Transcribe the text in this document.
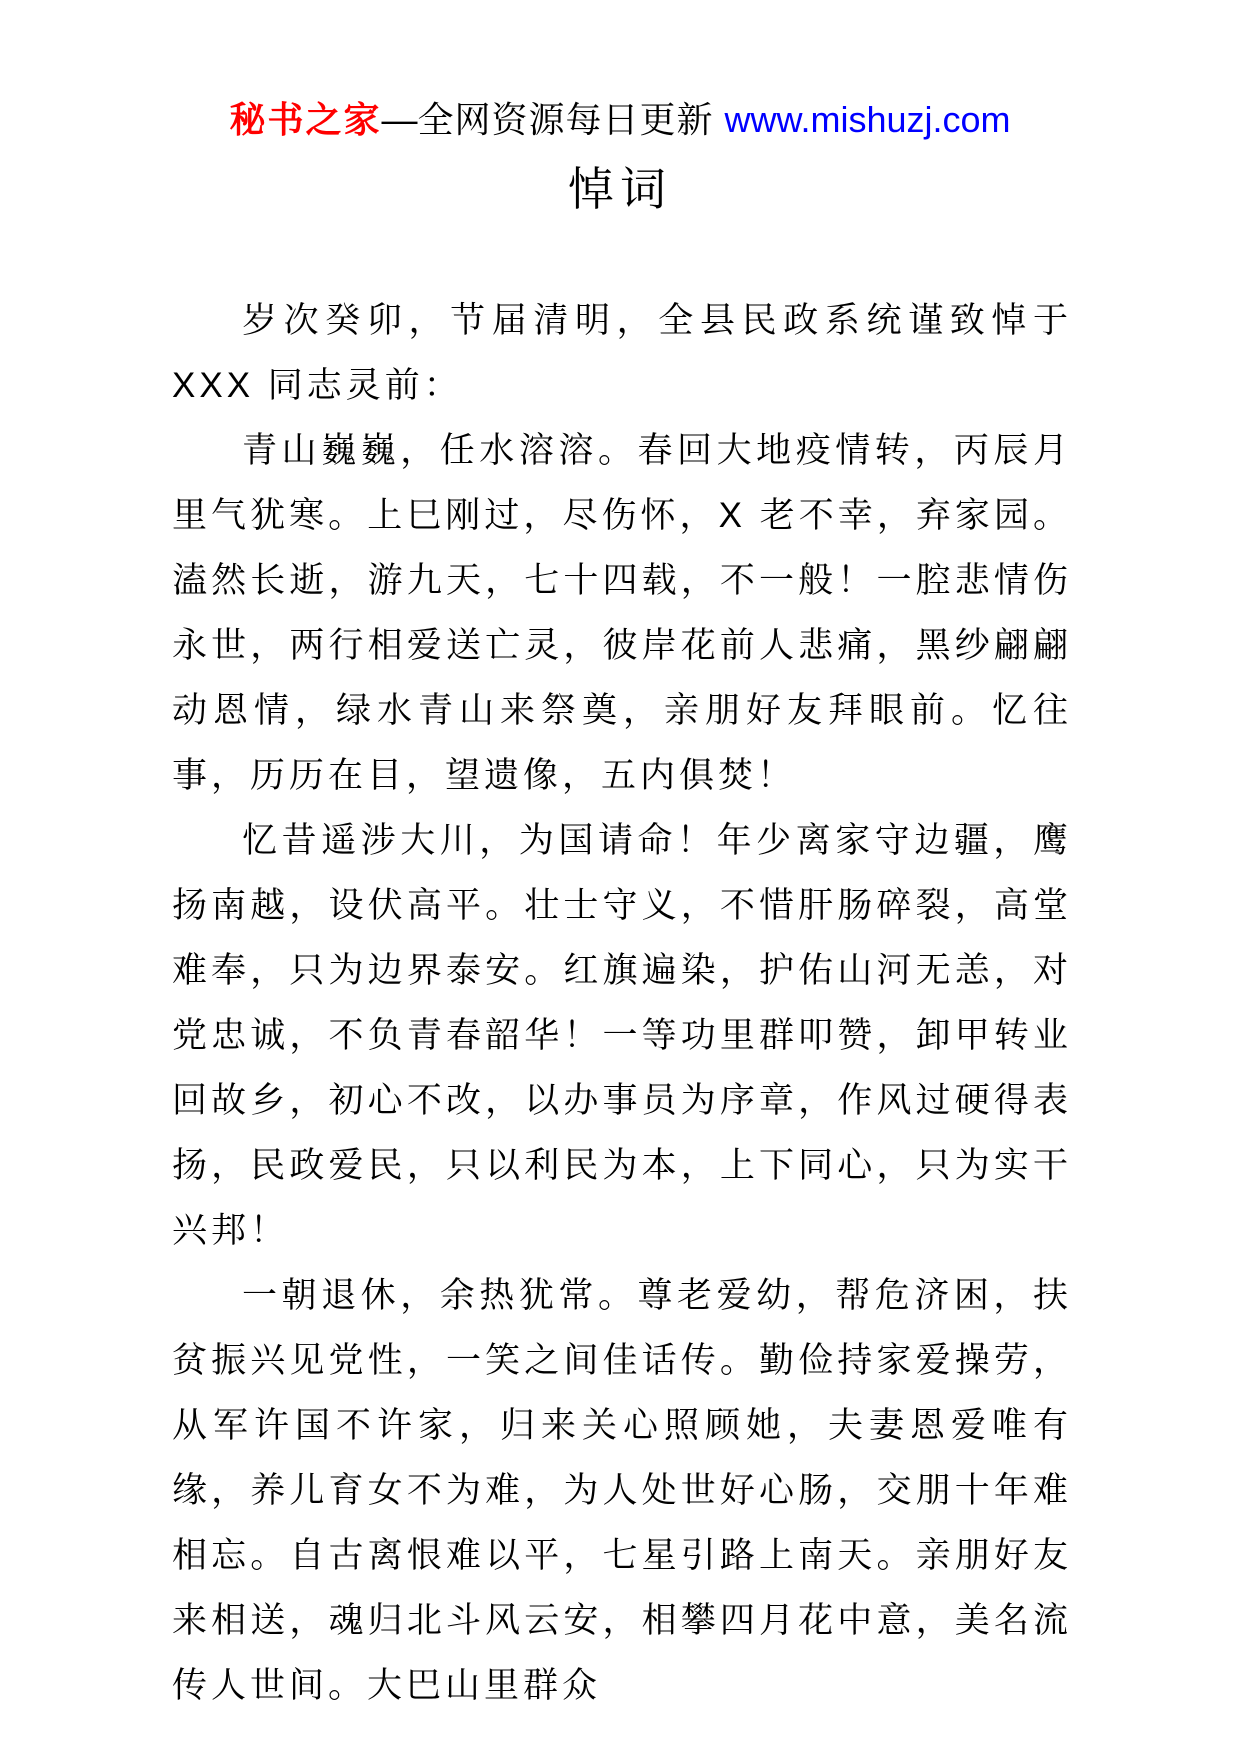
秘书之家—全网资源每日更新 www.mishuzj.com
悼词

岁次癸卯，节届清明，全县民政系统谨致悼于 XXX 同志灵前：

青山巍巍，任水溶溶。春回大地疫情转，丙辰月里气犹寒。上巳刚过，尽伤怀，X 老不幸，弃家园。溘然长逝，游九天，七十四载，不一般！一腔悲情伤永世，两行相爱送亡灵，彼岸花前人悲痛，黑纱翩翩动恩情，绿水青山来祭奠，亲朋好友拜眼前。忆往事，历历在目，望遗像，五内俱焚！

忆昔遥涉大川，为国请命！年少离家守边疆，鹰扬南越，设伏高平。壮士守义，不惜肝肠碎裂，高堂难奉，只为边界泰安。红旗遍染，护佑山河无恙，对党忠诚，不负青春韶华！一等功里群叩赞，卸甲转业回故乡，初心不改，以办事员为序章，作风过硬得表扬，民政爱民，只以利民为本，上下同心，只为实干兴邦！

一朝退休，余热犹常。尊老爱幼，帮危济困，扶贫振兴见党性，一笑之间佳话传。勤俭持家爱操劳，从军许国不许家，归来关心照顾她，夫妻恩爱唯有缘，养儿育女不为难，为人处世好心肠，交朋十年难相忘。自古离恨难以平，七星引路上南天。亲朋好友来相送，魂归北斗风云安，相攀四月花中意，美名流传人世间。大巴山里群众
